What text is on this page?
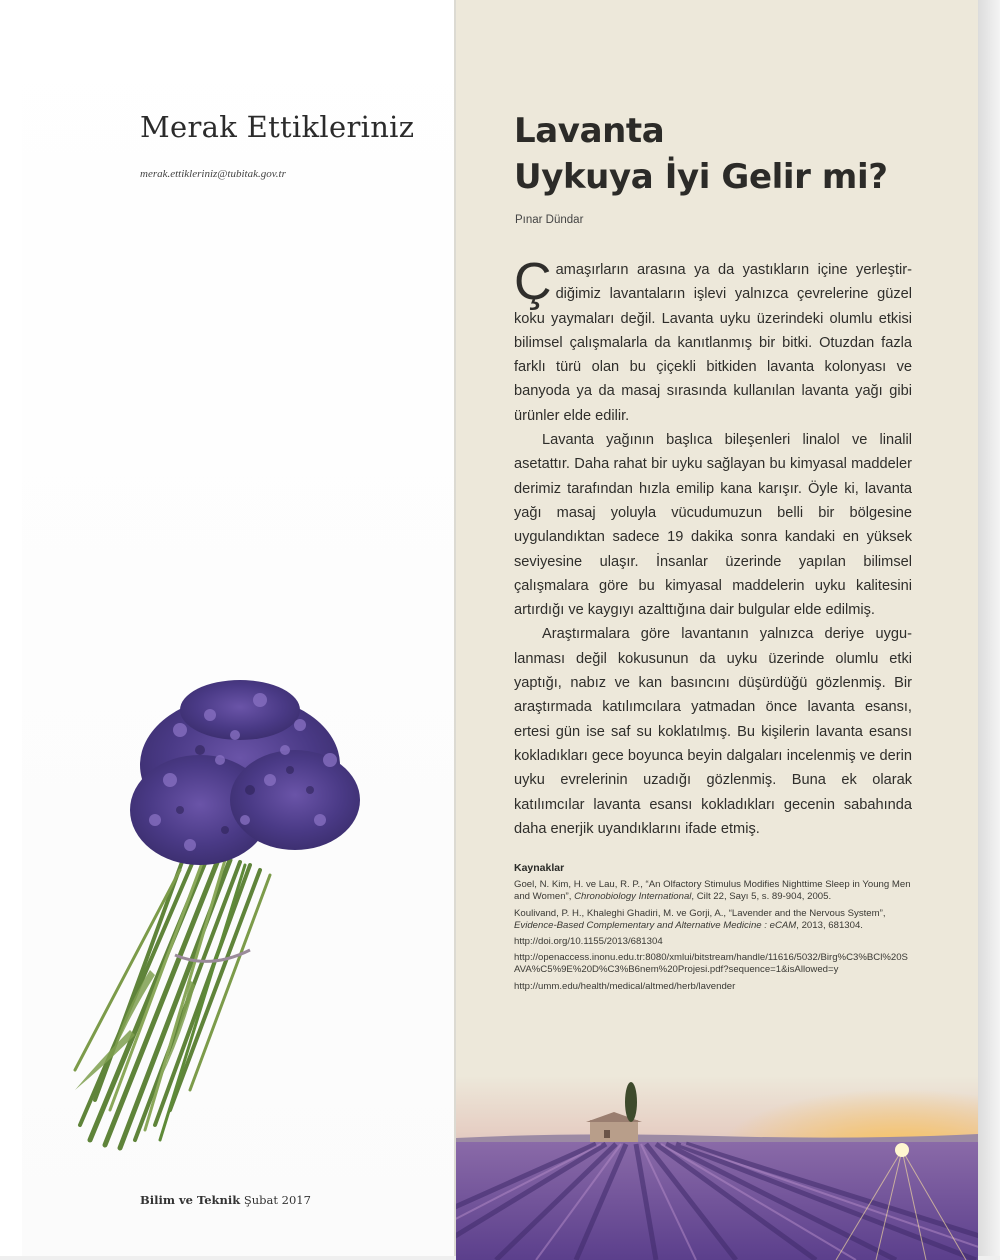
Merak Ettikleriniz
merak.ettikleriniz@tubitak.gov.tr
Bilim ve Teknik Şubat 2017
Lavanta
Uykuya İyi Gelir mi?
Pınar Dündar

Çamaşırların arasına ya da yastıkların içine yerleştirdiğimiz lavantaların işlevi yalnızca çevrelerine güzel koku yaymaları değil. Lavanta uyku üzerindeki olumlu etkisi bilimsel çalışmalarla da kanıtlanmış bir bitki. Otuzdan fazla farklı türü olan bu çiçekli bitkiden lavanta kolonyası ve banyoda ya da masaj sırasında kullanılan lavanta yağı gibi ürünler elde edilir.

Lavanta yağının başlıca bileşenleri linalol ve linalil asetattır. Daha rahat bir uyku sağlayan bu kimyasal maddeler derimiz tarafından hızla emilip kana karışır. Öyle ki, lavanta yağı masaj yoluyla vücudumuzun belli bir bölgesine uygulandıktan sadece 19 dakika sonra kandaki en yüksek seviyesine ulaşır. İnsanlar üzerinde yapılan bilimsel çalışmalara göre bu kimyasal maddelerin uyku kalitesini artırdığı ve kaygıyı azalttığına dair bulgular elde edilmiş.

Araştırmalara göre lavantanın yalnızca deriye uygulanması değil kokusunun da uyku üzerinde olumlu etki yaptığı, nabız ve kan basıncını düşürdüğü gözlenmiş. Bir araştırmada katılımcılara yatmadan önce lavanta esansı, ertesi gün ise saf su koklatılmış. Bu kişilerin lavanta esansı kokladıkları gece boyunca beyin dalgaları incelenmiş ve derin uyku evrelerinin uzadığı gözlenmiş. Buna ek olarak katılımcılar lavanta esansı kokladıkları gecenin sabahında daha enerjik uyandıklarını ifade etmiş.

Kaynaklar
Goel, N. Kim, H. ve Lau, R. P., “An Olfactory Stimulus Modifies Nighttime Sleep in Young Men and Women”, Chronobiology International, Cilt 22, Sayı 5, s. 89-904, 2005.
Koulivand, P. H., Khaleghi Ghadiri, M. ve Gorji, A., “Lavender and the Nervous System”,
Evidence-Based Complementary and Alternative Medicine : eCAM, 2013, 681304.
http://doi.org/10.1155/2013/681304
http://openaccess.inonu.edu.tr:8080/xmlui/bitstream/handle/11616/5032/Birg%C3%BCl%20SAVA%C5%9E%20D%C3%B6nem%20Projesi.pdf?sequence=1&isAllowed=y
http://umm.edu/health/medical/altmed/herb/lavender
